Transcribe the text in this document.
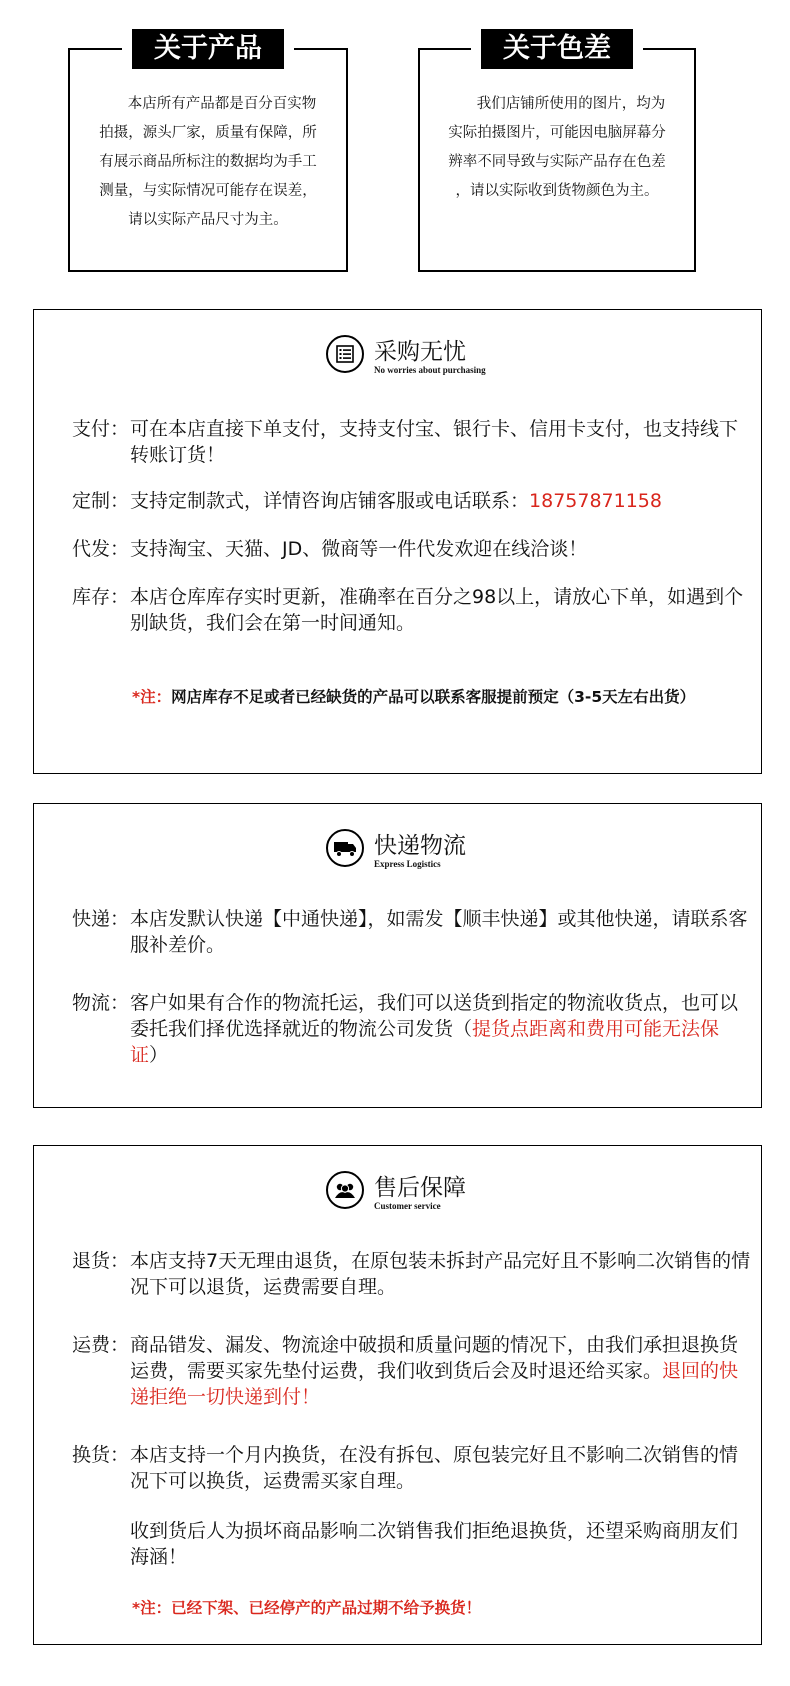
关于产品

本店所有产品都是百分百实物

拍摄，源头厂家，质量有保障，所

有展示商品所标注的数据均为手工

测量，与实际情况可能存在误差，

请以实际产品尺寸为主。

关于色差

我们店铺所使用的图片，均为

实际拍摄图片，可能因电脑屏幕分

辨率不同导致与实际产品存在色差

，请以实际收到货物颜色为主。

采购无忧
No worries about purchasing
支付： 可在本店直接下单支付，支持支付宝、银行卡、信用卡支付，也支持线下转账订货！
定制： 支持定制款式，详情咨询店铺客服或电话联系：18757871158
代发： 支持淘宝、天猫、JD、微商等一件代发欢迎在线洽谈！
库存： 本店仓库库存实时更新，准确率在百分之98以上，请放心下单，如遇到个别缺货，我们会在第一时间通知。
*注：网店库存不足或者已经缺货的产品可以联系客服提前预定（3-5天左右出货）
快递物流
Express Logistics
快递： 本店发默认快递【中通快递】，如需发【顺丰快递】或其他快递，请联系客服补差价。
物流： 客户如果有合作的物流托运，我们可以送货到指定的物流收货点，也可以委托我们择优选择就近的物流公司发货（提货点距离和费用可能无法保证）
售后保障
Customer service
退货： 本店支持7天无理由退货，在原包装未拆封产品完好且不影响二次销售的情况下可以退货，运费需要自理。
运费： 商品错发、漏发、物流途中破损和质量问题的情况下，由我们承担退换货运费，需要买家先垫付运费，我们收到货后会及时退还给买家。退回的快递拒绝一切快递到付！
换货： 本店支持一个月内换货，在没有拆包、原包装完好且不影响二次销售的情况下可以换货，运费需买家自理。
收到货后人为损坏商品影响二次销售我们拒绝退换货，还望采购商朋友们海涵！
*注：已经下架、已经停产的产品过期不给予换货！
